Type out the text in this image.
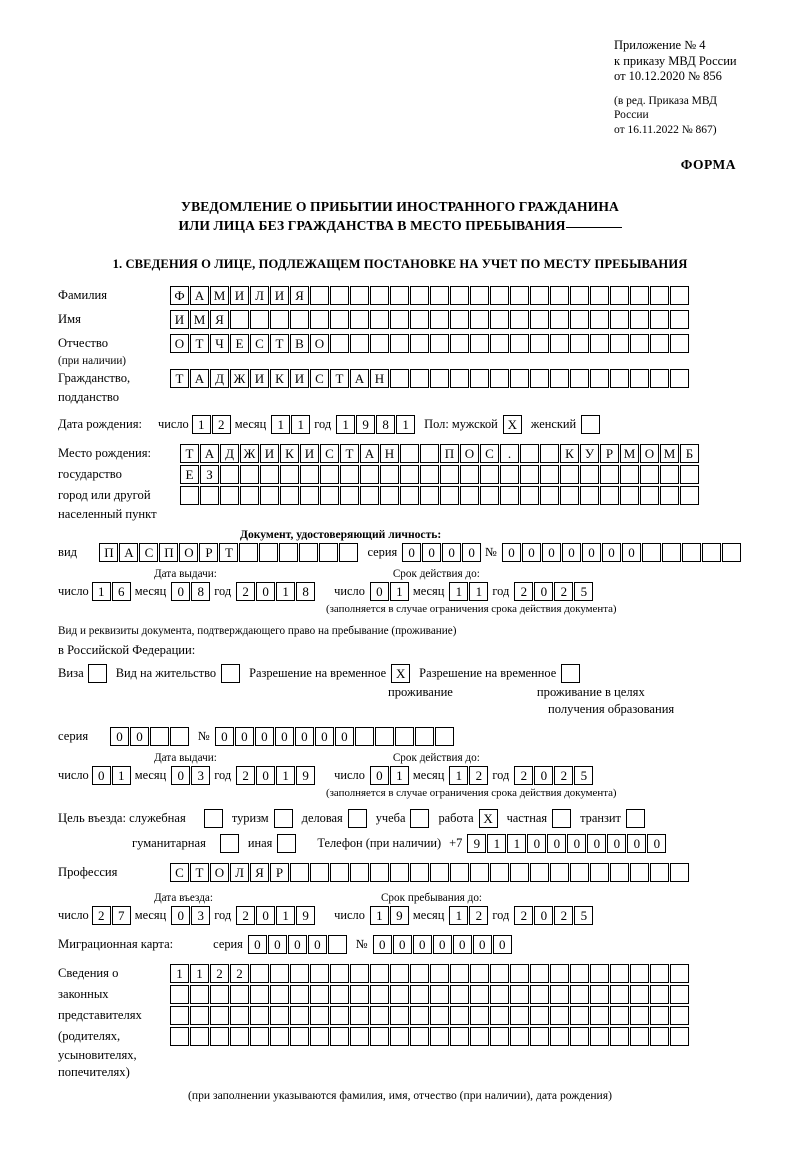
Приложение № 4
к приказу МВД России
от 10.12.2020 № 856
(в ред. Приказа МВД России
от 16.11.2022 № 867)
ФОРМА
УВЕДОМЛЕНИЕ О ПРИБЫТИИ ИНОСТРАННОГО ГРАЖДАНИНА
ИЛИ ЛИЦА БЕЗ ГРАЖДАНСТВА В МЕСТО ПРЕБЫВАНИЯ
1. СВЕДЕНИЯ О ЛИЦЕ, ПОДЛЕЖАЩЕМ ПОСТАНОВКЕ НА УЧЕТ ПО МЕСТУ ПРЕБЫВАНИЯ
Фамилия	Ф А М И Л И Я
Имя	И М Я
Отчество	О Т Ч Е С Т В О
(при наличии)
Гражданство,	Т А Д Ж И К И С Т А Н
подданство
Дата рождения: число 1	2 месяц 1	1 год 1	9	8	1	Пол: мужской X	женский
Место рождения:	Т А Д Ж И К И С Т А Н	П О С	.	К У Р М О М Б
государство	Е З
город или другой
населенный пункт
Документ, удостоверяющий личность:
вид	П А С П О Р Т	серия 0	0	0	0 № 0	0	0	0	0	0	0
Дата выдачи:	Срок действия до:
число 1	6 месяц 0	8 год 2	0	1	8	число 0	1 месяц 1	1 год 2	0	2	5
(заполняется в случае ограничения срока действия документа)
Вид и реквизиты документа, подтверждающего право на пребывание (проживание)
в Российской Федерации:
Виза	Вид на жительство	Разрешение на временное X	Разрешение на временное
проживание	проживание в целях
получения образования
серия	0	0	№ 0	0	0	0	0	0	0
Дата выдачи:	Срок действия до:
число 0	1 месяц 0	3 год 2	0	1	9	число 0	1 месяц 1	2 год 2	0	2	5
(заполняется в случае ограничения срока действия документа)
Цель въезда: служебная	туризм	деловая	учеба	работа X	частная	транзит
гуманитарная	иная	Телефон (при наличии) +7 9	1	1	0	0	0	0	0	0	0
Профессия	С Т О Л Я Р
Дата въезда:	Срок пребывания до:
число 2	7 месяц 0	3 год 2	0	1	9	число 1	9 месяц 1	2 год 2	0	2	5
Миграционная карта:	серия 0	0	0	0	№ 0	0	0	0	0	0	0
Сведения о	1	1	2	2
законных
представителях
(родителях,
усыновителях,
попечителях)
(при заполнении указываются фамилия, имя, отчество (при наличии), дата рождения)
